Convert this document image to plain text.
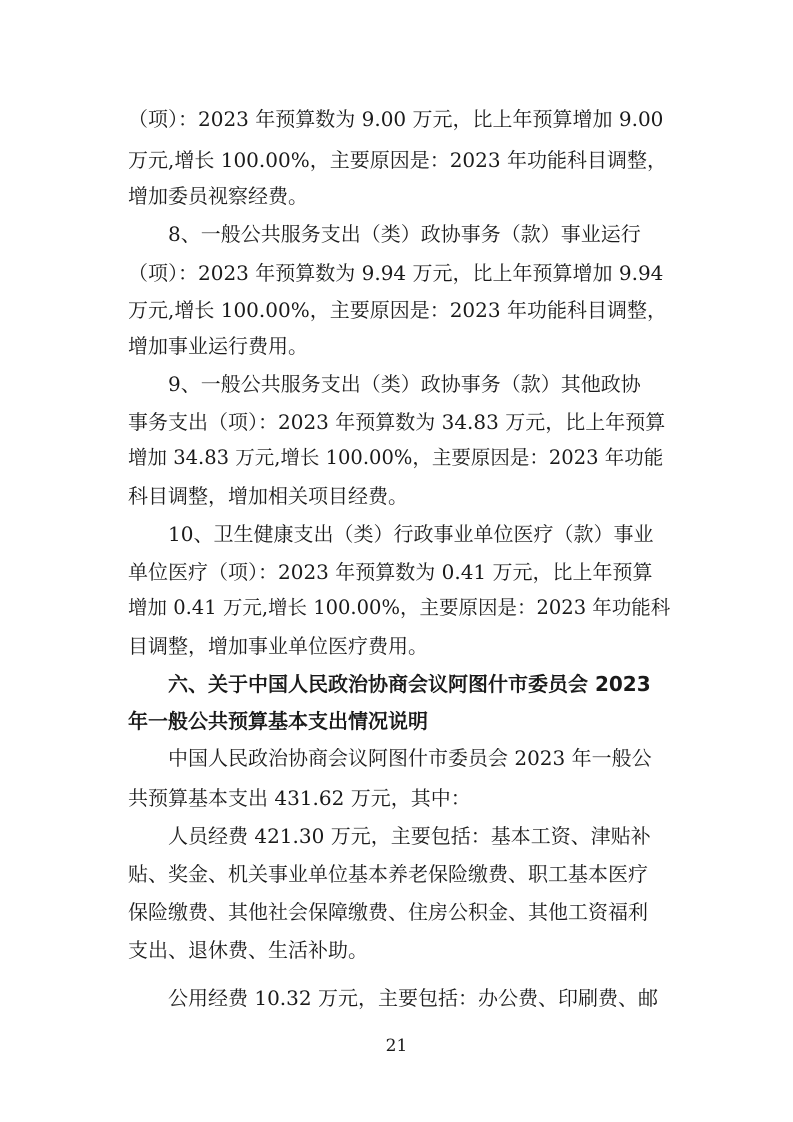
（项）：2023 年预算数为 9.00 万元，比上年预算增加 9.00
万元,增长 100.00%，主要原因是：2023 年功能科目调整，
增加委员视察经费。
8、一般公共服务支出（类）政协事务（款）事业运行
（项）：2023 年预算数为 9.94 万元，比上年预算增加 9.94
万元,增长 100.00%，主要原因是：2023 年功能科目调整，
增加事业运行费用。
9、一般公共服务支出（类）政协事务（款）其他政协
事务支出（项）：2023 年预算数为 34.83 万元，比上年预算
增加 34.83 万元,增长 100.00%，主要原因是：2023 年功能
科目调整，增加相关项目经费。
10、卫生健康支出（类）行政事业单位医疗（款）事业
单位医疗（项）：2023 年预算数为 0.41 万元，比上年预算
增加 0.41 万元,增长 100.00%，主要原因是：2023 年功能科
目调整，增加事业单位医疗费用。
六、关于中国人民政治协商会议阿图什市委员会 2023
年一般公共预算基本支出情况说明
中国人民政治协商会议阿图什市委员会 2023 年一般公
共预算基本支出 431.62 万元，其中：
人员经费 421.30 万元，主要包括：基本工资、津贴补
贴、奖金、机关事业单位基本养老保险缴费、职工基本医疗
保险缴费、其他社会保障缴费、住房公积金、其他工资福利
支出、退休费、生活补助。
公用经费 10.32 万元，主要包括：办公费、印刷费、邮
21
